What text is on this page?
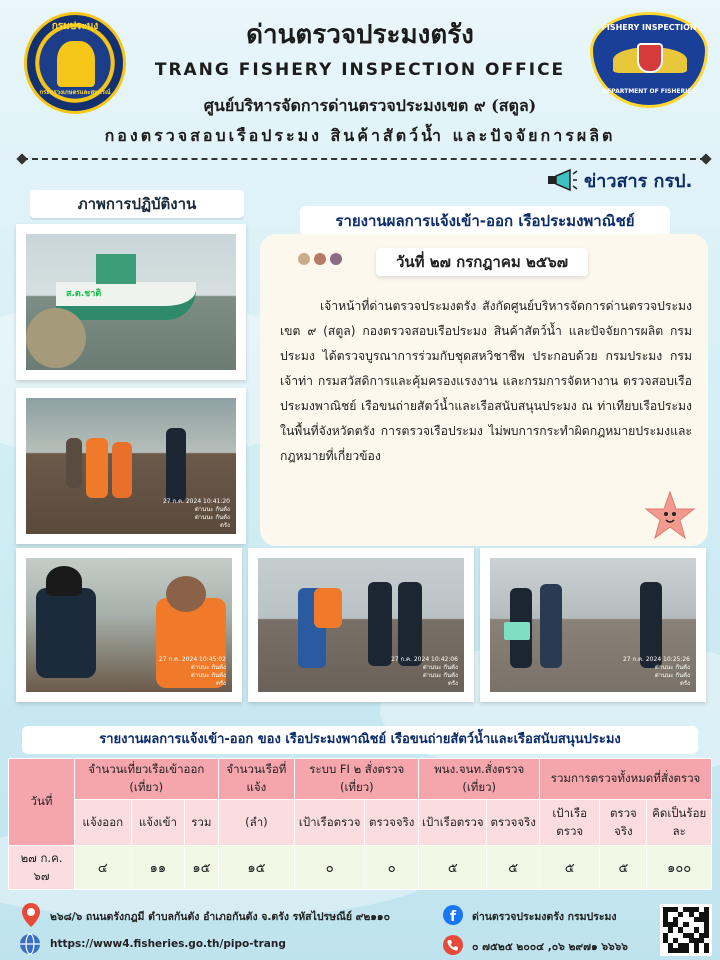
กรมประมง
กระทรวงเกษตรและสหกรณ์
ด่านตรวจประมงตรัง
TRANG FISHERY INSPECTION OFFICE
ศูนย์บริหารจัดการด่านตรวจประมงเขต ๙ (สตูล)
กองตรวจสอบเรือประมง สินค้าสัตว์น้ำ และปัจจัยการผลิต
FISHERY INSPECTION
DEPARTMENT OF FISHERIES
ข่าวสาร กรป.
ภาพการปฏิบัติงาน
รายงานผลการแจ้งเข้า-ออก เรือประมงพาณิชย์
ส.ต.ชาติ
27 ก.ค. 2024 10:41:20
ด่านนะ กันตัง
ด่านนะ กันตัง
ตรัง
27 ก.ค. 2024 10:45:02
ด่านนะ กันตัง
ด่านนะ กันตัง
ตรัง
27 ก.ค. 2024 10:42:06
ด่านนะ กันตัง
ด่านนะ กันตัง
ตรัง
27 ก.ค. 2024 10:25:26
ด่านนะ กันตัง
ด่านนะ กันตัง
ตรัง
วันที่ ๒๗ กรกฎาคม ๒๕๖๗

เจ้าหน้าที่ด่านตรวจประมงตรัง สังกัดศูนย์บริหารจัดการด่านตรวจประมง เขต ๙ (สตูล) กองตรวจสอบเรือประมง สินค้าสัตว์น้ำ และปัจจัยการผลิต กรมประมง ได้ตรวจบูรณาการร่วมกับชุดสหวิชาชีพ ประกอบด้วย กรมประมง กรมเจ้าท่า กรมสวัสดิการและคุ้มครองแรงงาน และกรมการจัดหางาน ตรวจสอบเรือประมงพาณิชย์ เรือขนถ่ายสัตว์น้ำและเรือสนับสนุนประมง ณ ท่าเทียบเรือประมงในพื้นที่จังหวัดตรัง การตรวจเรือประมง ไม่พบการกระทำผิดกฎหมายประมงและกฎหมายที่เกี่ยวข้อง

รายงานผลการแจ้งเข้า-ออก ของ เรือประมงพาณิชย์ เรือขนถ่ายสัตว์น้ำและเรือสนับสนุนประมง
วันที่	จำนวนเที่ยวเรือเข้าออก (เที่ยว)			จำนวนเรือที่แจ้ง	ระบบ FI ๒ สั่งตรวจ (เที่ยว)		พนง.จนท.สั่งตรวจ (เที่ยว)		รวมการตรวจทั้งหมดที่สั่งตรวจ		
	แจ้งออก	แจ้งเข้า	รวม	(ลำ)	เป้าเรือตรวจ	ตรวจจริง	เป้าเรือตรวจ	ตรวจจริง	เป้าเรือตรวจ	ตรวจจริง	คิดเป็นร้อยละ
๒๗ ก.ค. ๖๗	๔	๑๑	๑๕	๑๕	๐	๐	๕	๕	๕	๕	๑๐๐
๒๖๘/๖ ถนนตรังกฎมี ตำบลกันตัง อำเภอกันตัง จ.ตรัง รหัสไปรษณีย์ ๙๒๑๑๐
https://www4.fisheries.go.th/pipo-trang
f ด่านตรวจประมงตรัง กรมประมง
๐ ๗๕๒๕ ๒๐๐๔ ,๐๖ ๒๙๗๑ ๖๖๖๖
